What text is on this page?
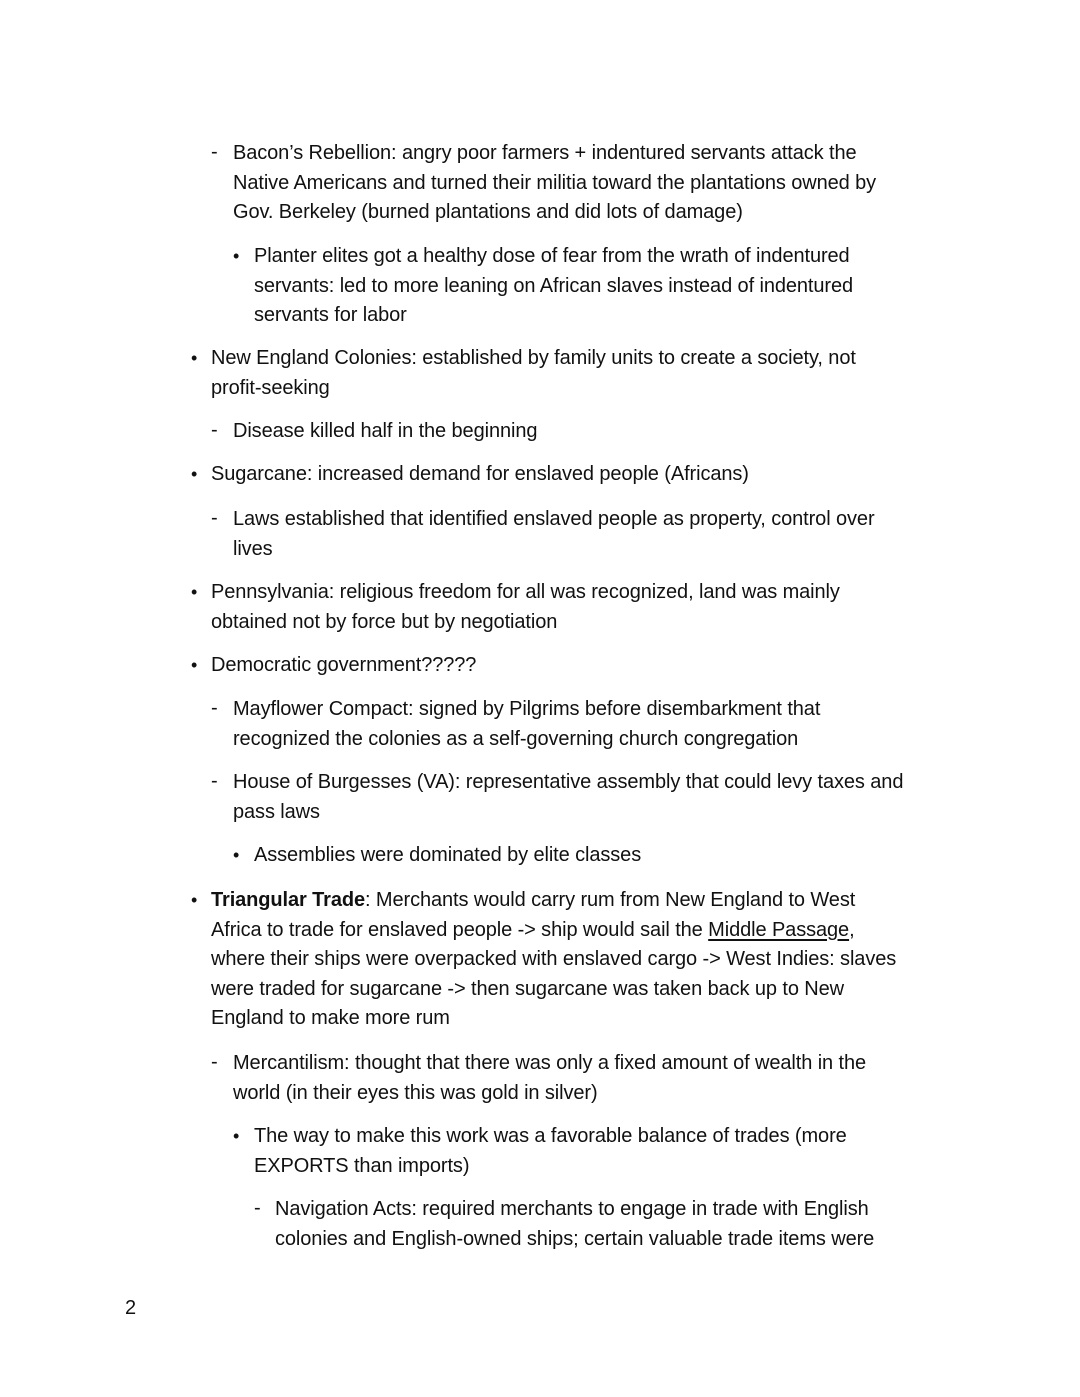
- Bacon’s Rebellion: angry poor farmers + indentured servants attack the
Native Americans and turned their militia toward the plantations owned by
Gov. Berkeley (burned plantations and did lots of damage)
• Planter elites got a healthy dose of fear from the wrath of indentured
servants: led to more leaning on African slaves instead of indentured
servants for labor
• New England Colonies: established by family units to create a society, not
profit-seeking
- Disease killed half in the beginning
• Sugarcane: increased demand for enslaved people (Africans)
- Laws established that identified enslaved people as property, control over
lives
• Pennsylvania: religious freedom for all was recognized, land was mainly
obtained not by force but by negotiation
• Democratic government?????
- Mayflower Compact: signed by Pilgrims before disembarkment that
recognized the colonies as a self-governing church congregation
- House of Burgesses (VA): representative assembly that could levy taxes and
pass laws
• Assemblies were dominated by elite classes
• Triangular Trade: Merchants would carry rum from New England to West
Africa to trade for enslaved people -> ship would sail the Middle Passage,
where their ships were overpacked with enslaved cargo -> West Indies: slaves
were traded for sugarcane -> then sugarcane was taken back up to New
England to make more rum
- Mercantilism: thought that there was only a fixed amount of wealth in the
world (in their eyes this was gold in silver)
• The way to make this work was a favorable balance of trades (more
EXPORTS than imports)
- Navigation Acts: required merchants to engage in trade with English
colonies and English-owned ships; certain valuable trade items were
2
